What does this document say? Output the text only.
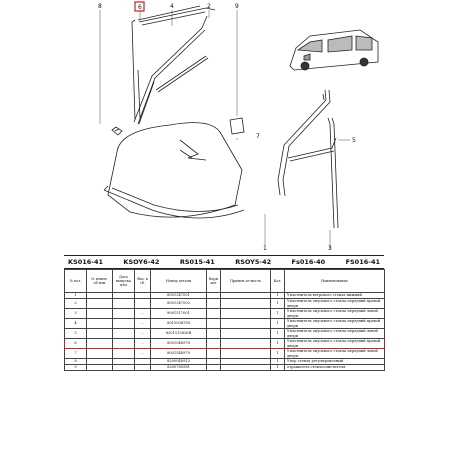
8	6	4	2	9
1	3
5
7
KS016-41	KSOY6-42	RS015-41	RSOY5-42	Fs016-40	FS016-41
№ поз.	№ измен. об изм	Дата выпуска изм	Вхо. в сб.	Номер детали	Вари ант	Примен ае-мость	Кол.	Наименование
1				8001347001			1	Уплотнитель ветрового стекла нижний
2				8001347002			1	Уплотнитель опускного стекла передний правой двери
3			–	8001517001			1	Уплотнитель опускного стекла передний левой двери
4			–	8015004758			1	Уплотнитель опускного стекла передний правой двери
5			–	8201513826R			1	Уплотнитель опускного стекла передний левой двери
6			–	8001548978			1	Уплотнитель опускного стекла передний правой двери
7			–	8001548979			1	Уплотнитель опускного стекла передний левой двери
8				8200048913			1	Упор стекла регулировочный
9				8200780581			1	отражатель стеклоочистителя
